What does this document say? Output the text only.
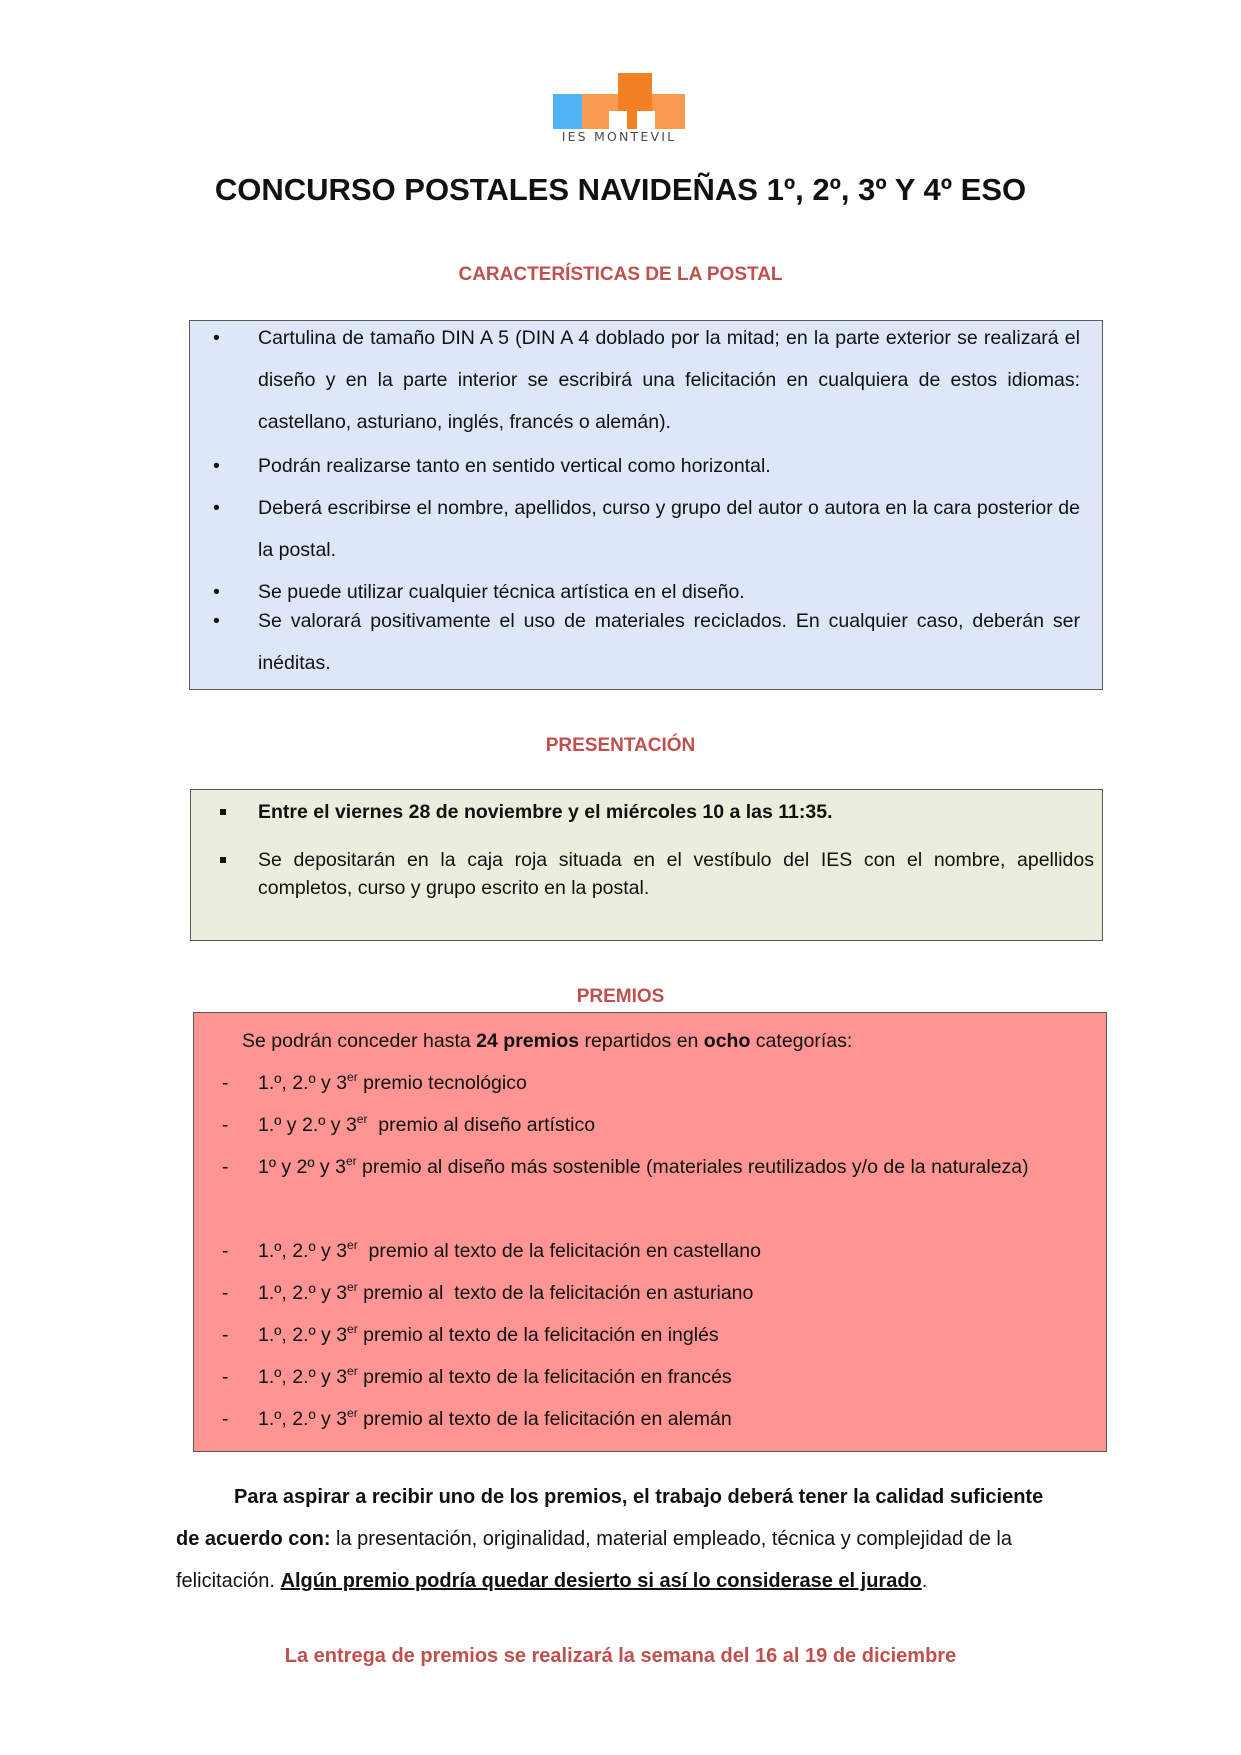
IES MONTEVIL
CONCURSO POSTALES NAVIDEÑAS 1º, 2º, 3º Y 4º ESO
CARACTERÍSTICAS DE LA POSTAL
• Cartulina de tamaño DIN A 5 (DIN A 4 doblado por la mitad; en la parte exterior se realizará el diseño y en la parte interior se escribirá una felicitación en cualquiera de estos idiomas: castellano, asturiano, inglés, francés o alemán).
• Podrán realizarse tanto en sentido vertical como horizontal.
• Deberá escribirse el nombre, apellidos, curso y grupo del autor o autora en la cara posterior de la postal.
• Se puede utilizar cualquier técnica artística en el diseño.
• Se valorará positivamente el uso de materiales reciclados. En cualquier caso, deberán ser inéditas.
PRESENTACIÓN
Entre el viernes 28 de noviembre y el miércoles 10 a las 11:35.
Se depositarán en la caja roja situada en el vestíbulo del IES con el nombre, apellidos completos, curso y grupo escrito en la postal.
PREMIOS
Se podrán conceder hasta 24 premios repartidos en ocho categorías:
- 1.º, 2.º y 3er premio tecnológico
- 1.º y 2.º y 3er  premio al diseño artístico
- 1º y 2º y 3er premio al diseño más sostenible (materiales reutilizados y/o de la naturaleza)
- 1.º, 2.º y 3er  premio al texto de la felicitación en castellano
- 1.º, 2.º y 3er premio al  texto de la felicitación en asturiano
- 1.º, 2.º y 3er premio al texto de la felicitación en inglés
- 1.º, 2.º y 3er premio al texto de la felicitación en francés
- 1.º, 2.º y 3er premio al texto de la felicitación en alemán
Para aspirar a recibir uno de los premios, el trabajo deberá tener la calidad suficiente de acuerdo con: la presentación, originalidad, material empleado, técnica y complejidad de la felicitación. Algún premio podría quedar desierto si así lo considerase el jurado.
La entrega de premios se realizará la semana del 16 al 19 de diciembre
